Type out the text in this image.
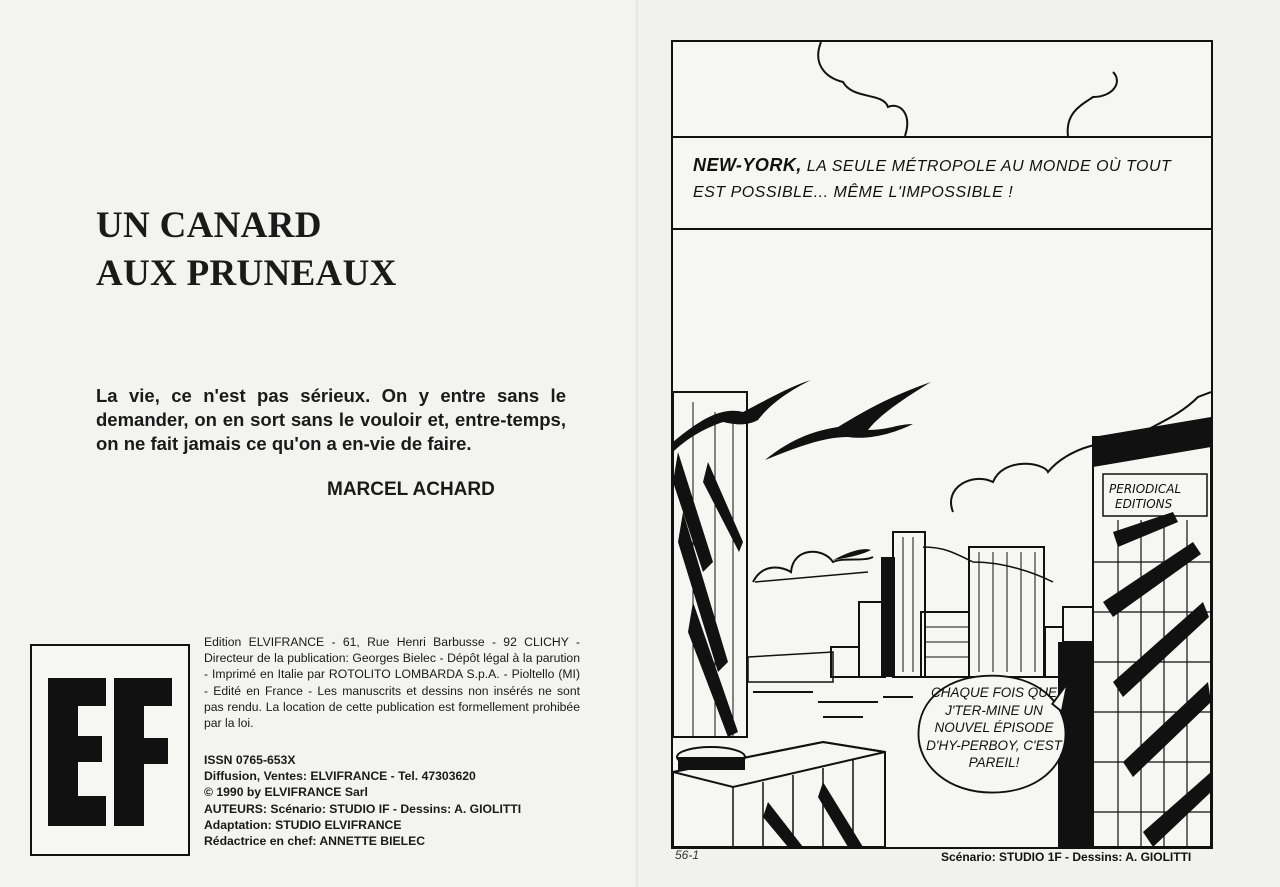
UN CANARD
AUX PRUNEAUX

La vie, ce n'est pas sérieux. On y entre sans le demander, on en sort sans le vouloir et, entre-temps, on ne fait jamais ce qu'on a en-vie de faire.

MARCEL ACHARD

Edition ELVIFRANCE - 61, Rue Henri Barbusse - 92 CLICHY - Directeur de la publication: Georges Bielec - Dépôt légal à la parution - Imprimé en Italie par ROTOLITO LOMBARDA S.p.A. - Pioltello (MI) - Edité en France - Les manuscrits et dessins non insérés ne sont pas rendu. La location de cette publication est formellement prohibée par la loi.

ISSN 0765-653X
Diffusion, Ventes: ELVIFRANCE - Tel. 47303620
© 1990 by ELVIFRANCE Sarl
AUTEURS: Scénario: STUDIO IF - Dessins: A. GIOLITTI
Adaptation: STUDIO ELVIFRANCE
Rédactrice en chef: ANNETTE BIELEC
PERIODICAL
EDITIONS
NEW-YORK, LA SEULE MÉTROPOLE AU MONDE OÙ TOUT EST POSSIBLE... MÊME L'IMPOSSIBLE !
CHAQUE FOIS QUE J'TER-MINE UN NOUVEL ÉPISODE D'HY-PERBOY, C'EST PAREIL!
56-1	Scénario: STUDIO 1F - Dessins: A. GIOLITTI
